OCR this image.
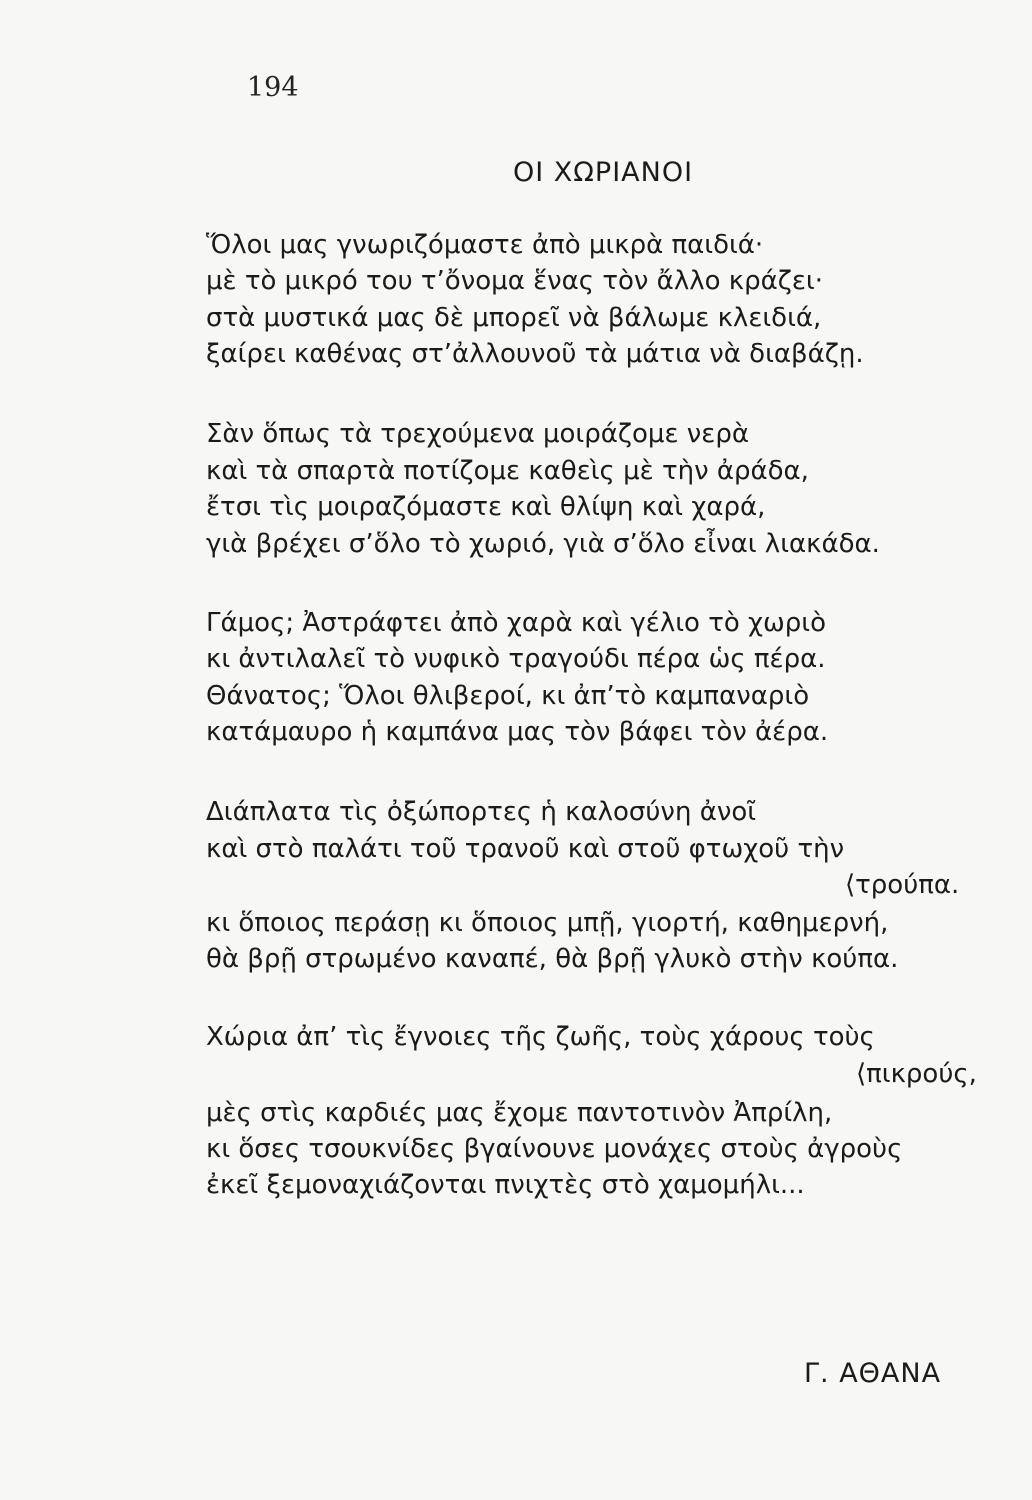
194
ΟΙ ΧΩΡΙΑΝΟΙ
Ὅλοι μας γνωριζόμαστε ἀπὸ μικρὰ παιδιά·
μὲ τὸ μικρό του τ’ὄνομα ἕνας τὸν ἄλλο κράζει·
στὰ μυστικά μας δὲ μπορεῖ νὰ βάλωμε κλειδιά,
ξαίρει καθένας στ’ἀλλουνοῦ τὰ μάτια νὰ διαβάζῃ.
Σὰν ὅπως τὰ τρεχούμενα μοιράζομε νερὰ
καὶ τὰ σπαρτὰ ποτίζομε καθεὶς μὲ τὴν ἀράδα,
ἔτσι τὶς μοιραζόμαστε καὶ θλίψη καὶ χαρά,
γιὰ βρέχει σ’ὅλο τὸ χωριό, γιὰ σ’ὅλο εἶναι λιακάδα.
Γάμος; Ἀστράφτει ἀπὸ χαρὰ καὶ γέλιο τὸ χωριὸ
κι ἀντιλαλεῖ τὸ νυφικὸ τραγούδι πέρα ὡς πέρα.
Θάνατος; Ὅλοι θλιβεροί, κι ἀπ’τὸ καμπαναριὸ
κατάμαυρο ἡ καμπάνα μας τὸν βάφει τὸν ἀέρα.
Διάπλατα τὶς ὀξώπορτες ἡ καλοσύνη ἀνοῖ
καὶ στὸ παλάτι τοῦ τρανοῦ καὶ στοῦ φτωχοῦ τὴν
⟨τρούπα.
κι ὅποιος περάσῃ κι ὅποιος μπῇ, γιορτή, καθημερνή,
θὰ βρῇ στρωμένο καναπέ, θὰ βρῇ γλυκὸ στὴν κούπα.
Χώρια ἀπ’ τὶς ἔγνοιες τῆς ζωῆς, τοὺς χάρους τοὺς
⟨πικρούς,
μὲς στὶς καρδιές μας ἔχομε παντοτινὸν Ἀπρίλη,
κι ὅσες τσουκνίδες βγαίνουνε μονάχες στοὺς ἀγροὺς
ἐκεῖ ξεμοναχιάζονται πνιχτὲς στὸ χαμομήλι...
Γ. ΑΘΑΝΑ
